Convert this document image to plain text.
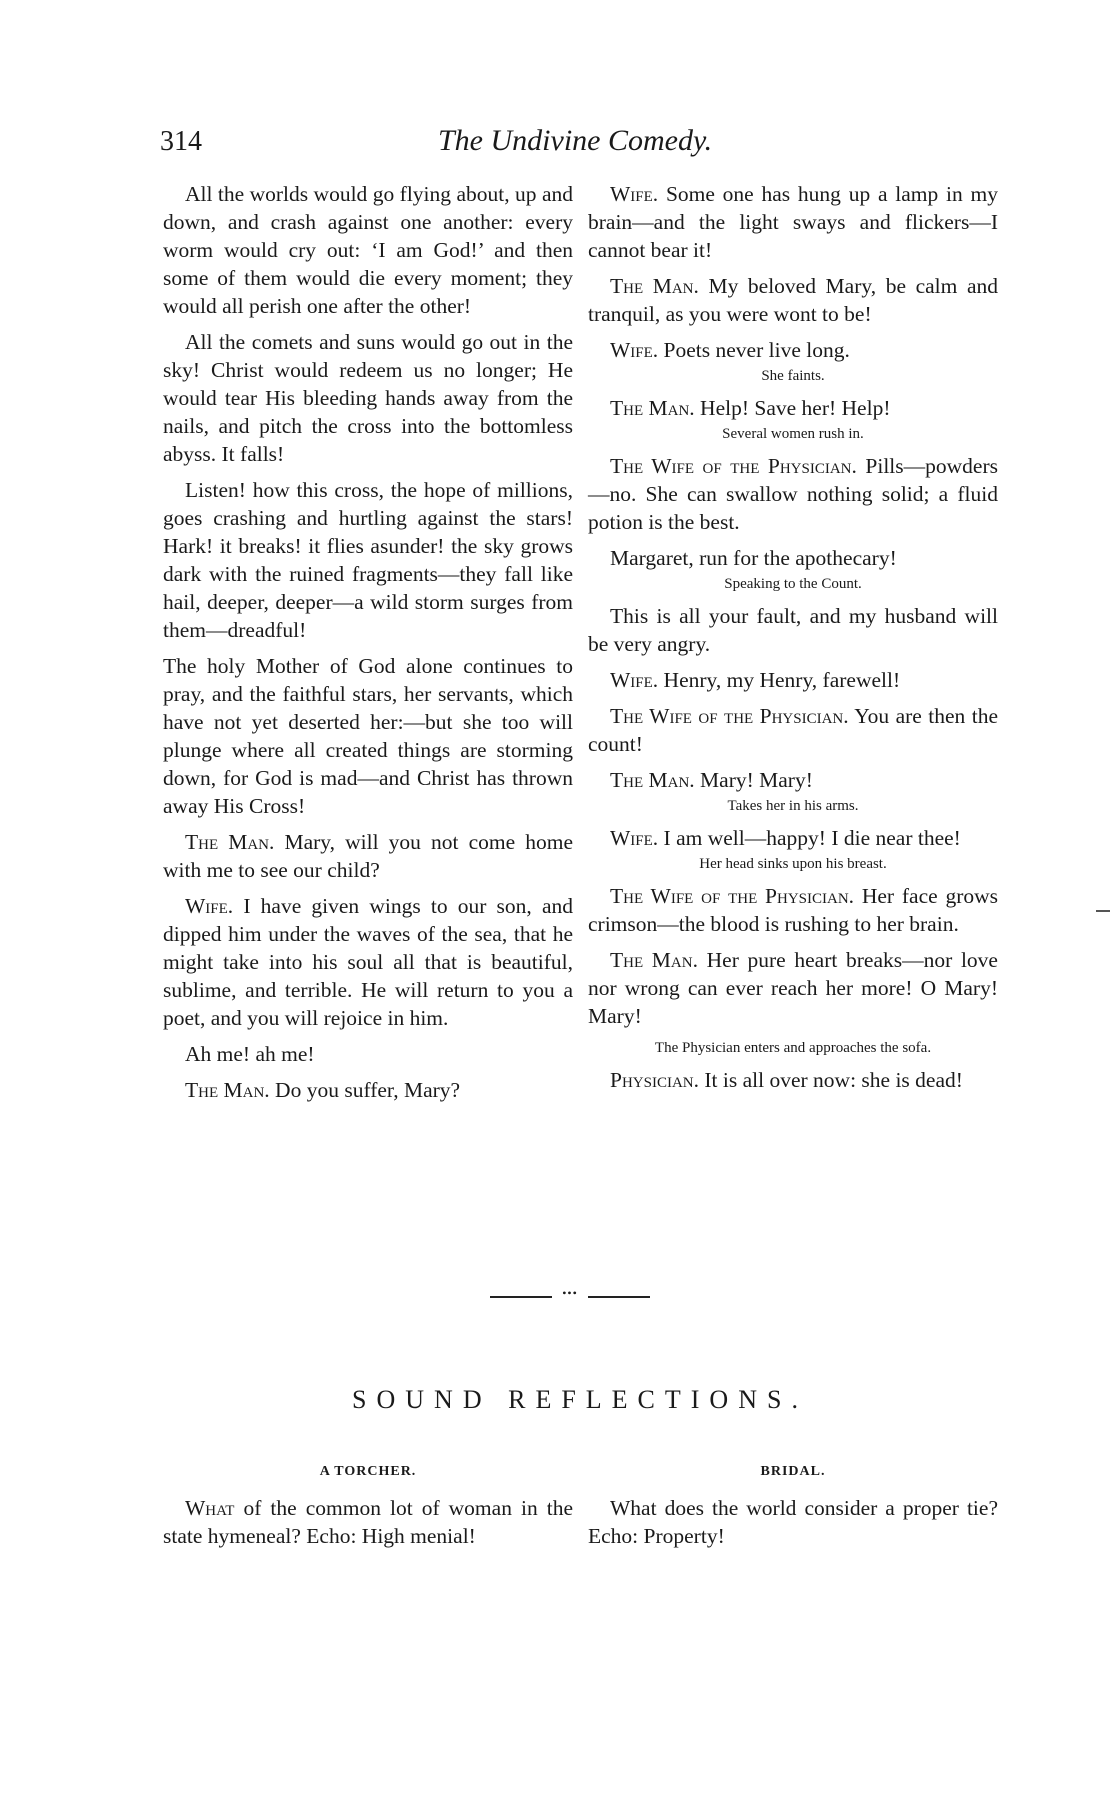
314	The Undivine Comedy.

All the worlds would go flying about, up and down, and crash against one another: every worm would cry out: ‘I am God!’ and then some of them would die every moment; they would all perish one after the other!

All the comets and suns would go out in the sky! Christ would redeem us no longer; He would tear His bleeding hands away from the nails, and pitch the cross into the bottomless abyss. It falls!

Listen! how this cross, the hope of millions, goes crashing and hurtling against the stars! Hark! it breaks! it flies asunder! the sky grows dark with the ruined fragments—they fall like hail, deeper, deeper—a wild storm surges from them—dreadful!

The holy Mother of God alone continues to pray, and the faithful stars, her servants, which have not yet deserted her:—but she too will plunge where all created things are storming down, for God is mad—and Christ has thrown away His Cross!

The Man. Mary, will you not come home with me to see our child?

Wife. I have given wings to our son, and dipped him under the waves of the sea, that he might take into his soul all that is beautiful, sublime, and terrible. He will return to you a poet, and you will rejoice in him.

Ah me! ah me!

The Man. Do you suffer, Mary?

Wife. Some one has hung up a lamp in my brain—and the light sways and flickers—I cannot bear it!

The Man. My beloved Mary, be calm and tranquil, as you were wont to be!

Wife. Poets never live long.

She faints.

The Man. Help! Save her! Help!

Several women rush in.

The Wife of the Physician. Pills—powders—no. She can swallow nothing solid; a fluid potion is the best.

Margaret, run for the apothecary!

Speaking to the Count.

This is all your fault, and my husband will be very angry.

Wife. Henry, my Henry, farewell!

The Wife of the Physician. You are then the count!

The Man. Mary! Mary!

Takes her in his arms.

Wife. I am well—happy! I die near thee!

Her head sinks upon his breast.

The Wife of the Physician. Her face grows crimson—the blood is rushing to her brain.

The Man. Her pure heart breaks—nor love nor wrong can ever reach her more! O Mary! Mary!

The Physician enters and approaches the sofa.

Physician. It is all over now: she is dead!

•••
SOUND REFLECTIONS.
A TORCHER.

What of the common lot of woman in the state hymeneal? Echo: High menial!

BRIDAL.

What does the world consider a proper tie? Echo: Property!
